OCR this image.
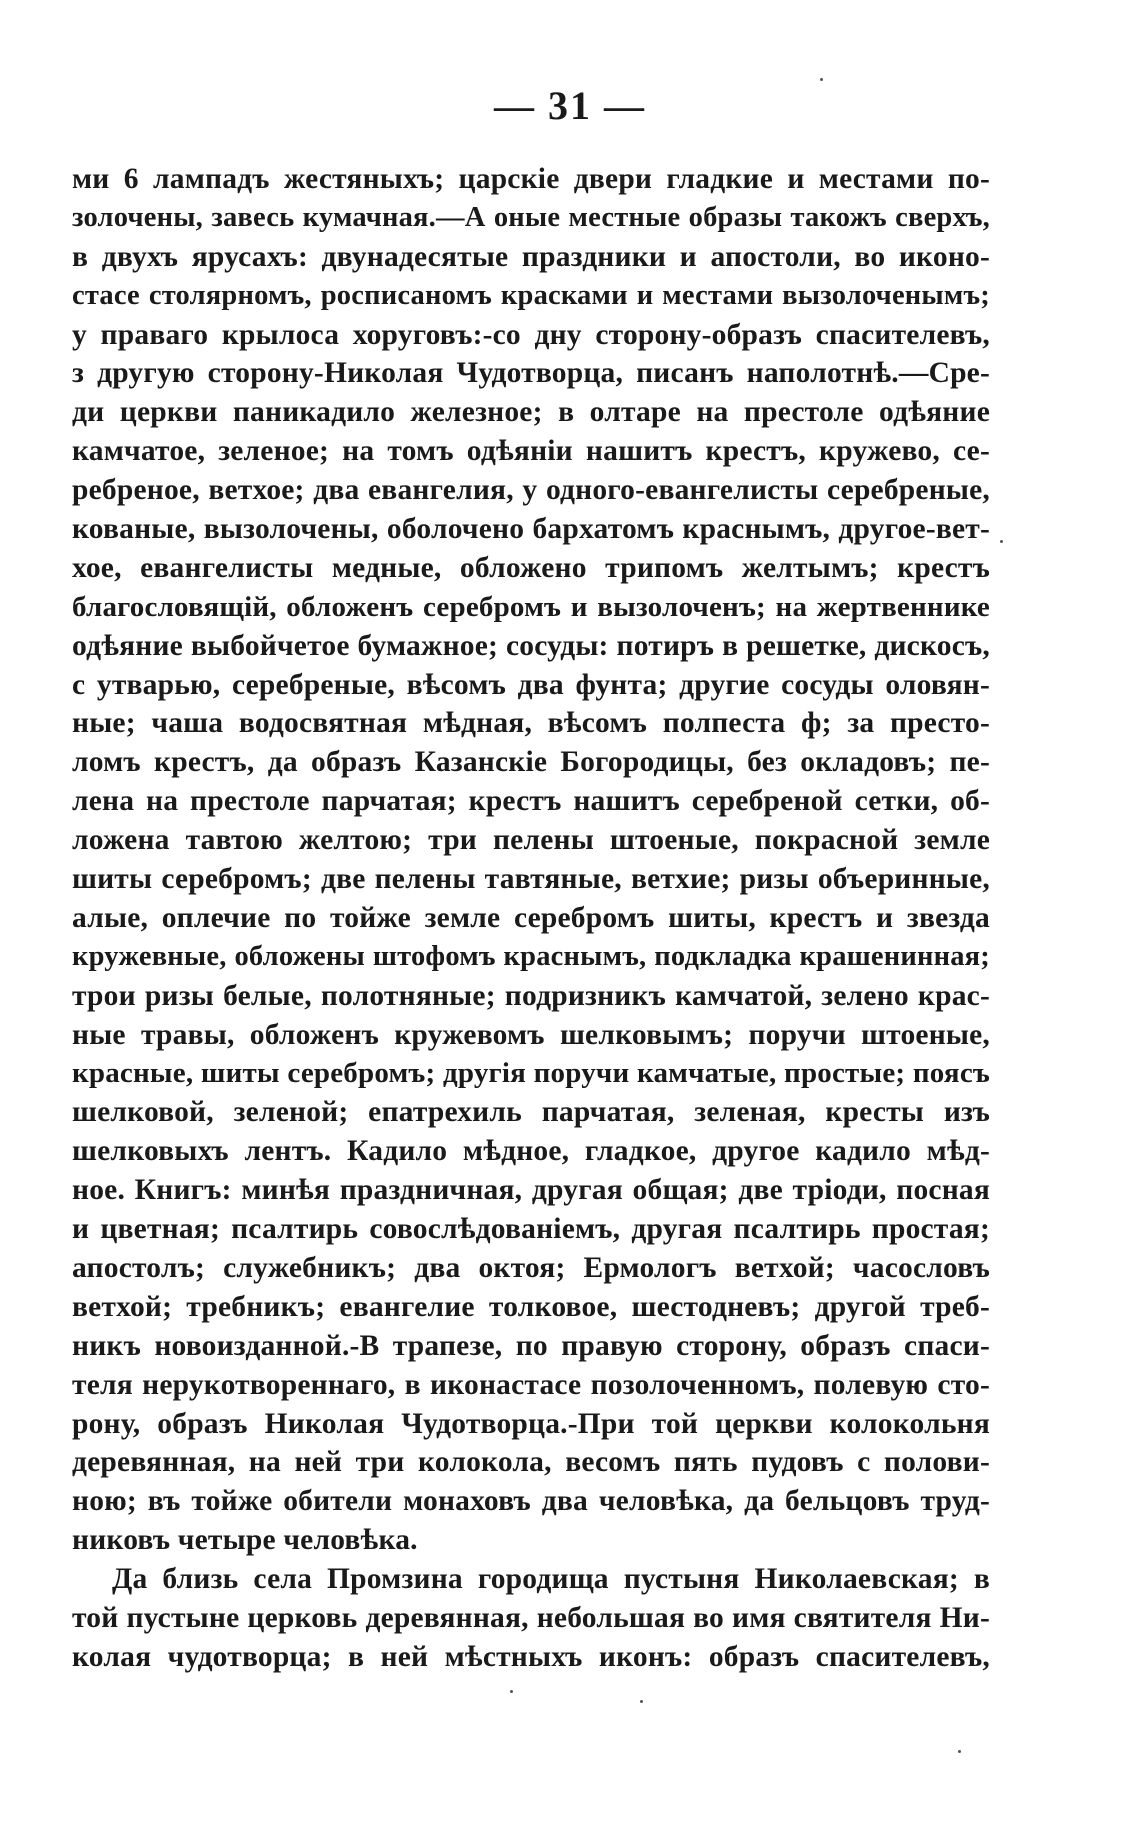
— 31 —
ми 6 лампадъ жестяныхъ; царскіе двери гладкие и местами по-
золочены, завесь кумачная.—А оные местные образы такожъ сверхъ,
в двухъ ярусахъ: двунадесятые праздники и апостоли, во иконо-
стасе столярномъ, росписаномъ красками и местами вызолоченымъ;
у праваго крылоса хоруговъ:-со дну сторону-образъ спасителевъ,
з другую сторону-Николая Чудотворца, писанъ наполотнѣ.—Сре-
ди церкви паникадило железное; в олтаре на престоле одѣяние
камчатое, зеленое; на томъ одѣяніи нашитъ крестъ, кружево, се-
ребреное, ветхое; два евангелия, у одного-евангелисты серебреные,
кованые, вызолочены, оболочено бархатомъ краснымъ, другое-вет-
хое, евангелисты медные, обложено трипомъ желтымъ; крестъ
благословящій, обложенъ серебромъ и вызолоченъ; на жертвеннике
одѣяние выбойчетое бумажное; сосуды: потиръ в решетке, дискосъ,
с утварью, серебреные, вѣсомъ два фунта; другие сосуды оловян-
ные; чаша водосвятная мѣдная, вѣсомъ полпеста ф; за престо-
ломъ крестъ, да образъ Казанскіе Богородицы, без окладовъ; пе-
лена на престоле парчатая; крестъ нашитъ серебреной сетки, об-
ложена тавтою желтою; три пелены штоеные, покрасной земле
шиты серебромъ; две пелены тавтяные, ветхие; ризы объеринные,
алые, оплечие по тойже земле серебромъ шиты, крестъ и звезда
кружевные, обложены штофомъ краснымъ, подкладка крашенинная;
трои ризы белые, полотняные; подризникъ камчатой, зелено крас-
ные травы, обложенъ кружевомъ шелковымъ; поручи штоеные,
красные, шиты серебромъ; другія поручи камчатые, простые; поясъ
шелковой, зеленой; епатрехиль парчатая, зеленая, кресты изъ
шелковыхъ лентъ. Кадило мѣдное, гладкое, другое кадило мѣд-
ное. Книгъ: минѣя праздничная, другая общая; две тріоди, посная
и цветная; псалтирь совослѣдованіемъ, другая псалтирь простая;
апостолъ; служебникъ; два октоя; Ермологъ ветхой; часословъ
ветхой; требникъ; евангелие толковое, шестодневъ; другой треб-
никъ новоизданной.-В трапезе, по правую сторону, образъ спаси-
теля нерукотвореннаго, в иконастасе позолоченномъ, полевую сто-
рону, образъ Николая Чудотворца.-При той церкви колокольня
деревянная, на ней три колокола, весомъ пять пудовъ с полови-
ною; въ тойже обители монаховъ два человѣка, да бельцовъ труд-
никовъ четыре человѣка.
Да близь села Промзина городища пустыня Николаевская; в
той пустыне церковь деревянная, небольшая во имя святителя Ни-
колая чудотворца; в ней мѣстныхъ иконъ: образъ спасителевъ,
